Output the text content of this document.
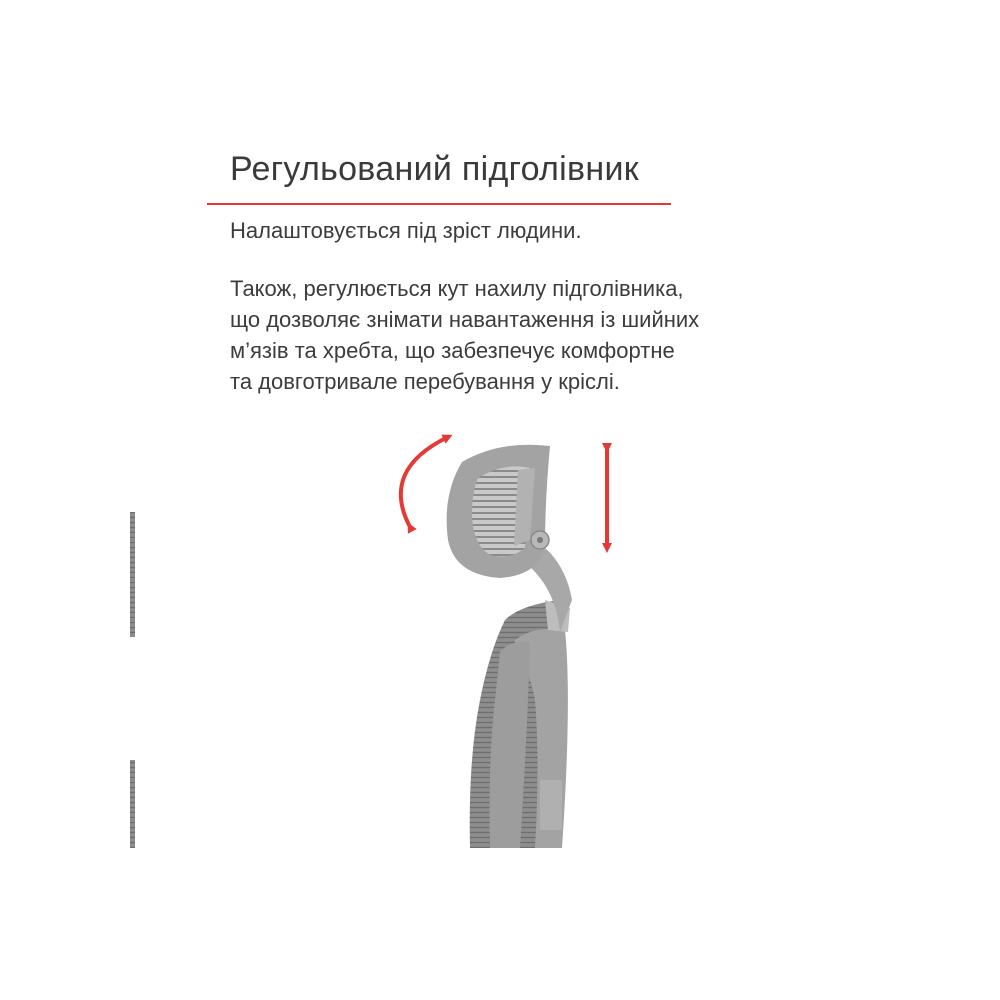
Регульований підголівник

Налаштовується під зріст людини.

Також, регулюється кут нахилу підголівника,
що дозволяє знімати навантаження із шийних
м’язів та хребта, що забезпечує комфортне
та довготривале перебування у кріслі.
